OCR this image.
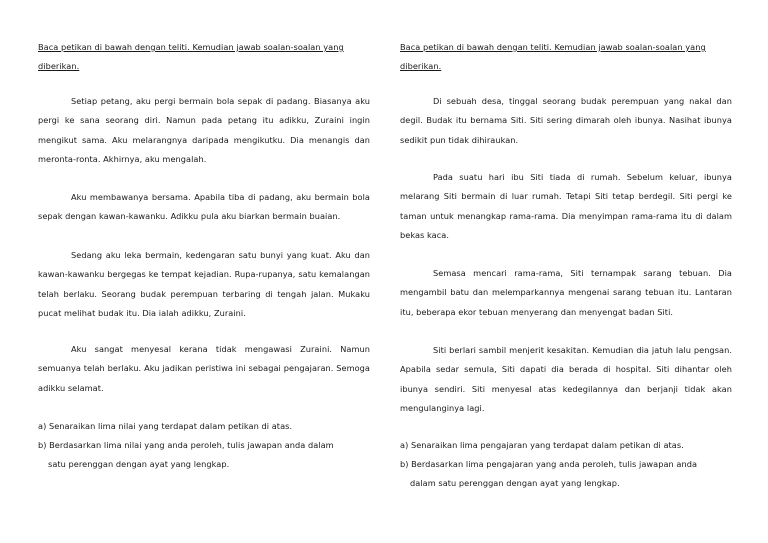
Baca petikan di bawah dengan teliti. Kemudian jawab soalan-soalan yang
diberikan.
Setiap petang, aku pergi bermain bola sepak di padang. Biasanya aku pergi ke sana seorang diri. Namun pada petang itu adikku, Zuraini ingin mengikut sama. Aku melarangnya daripada mengikutku. Dia menangis dan meronta-ronta. Akhirnya, aku mengalah.
Aku membawanya bersama. Apabila tiba di padang, aku bermain bola sepak dengan kawan-kawanku. Adikku pula aku biarkan bermain buaian.
Sedang aku leka bermain, kedengaran satu bunyi yang kuat. Aku dan kawan-kawanku bergegas ke tempat kejadian. Rupa-rupanya, satu kemalangan telah berlaku. Seorang budak perempuan terbaring di tengah jalan. Mukaku pucat melihat budak itu. Dia ialah adikku, Zuraini.
Aku sangat menyesal kerana tidak mengawasi Zuraini. Namun semuanya telah berlaku. Aku jadikan peristiwa ini sebagai pengajaran. Semoga adikku selamat.
a) Senaraikan lima nilai yang terdapat dalam petikan di atas.
b) Berdasarkan lima nilai yang anda peroleh, tulis jawapan anda dalam
satu perenggan dengan ayat yang lengkap.
Baca petikan di bawah dengan teliti. Kemudian jawab soalan-soalan yang
diberikan.
Di sebuah desa, tinggal seorang budak perempuan yang nakal dan degil. Budak itu bernama Siti. Siti sering dimarah oleh ibunya. Nasihat ibunya sedikit pun tidak dihiraukan.
Pada suatu hari ibu Siti tiada di rumah. Sebelum keluar, ibunya melarang Siti bermain di luar rumah. Tetapi Siti tetap berdegil. Siti pergi ke taman untuk menangkap rama-rama. Dia menyimpan rama-rama itu di dalam bekas kaca.
Semasa mencari rama-rama, Siti ternampak sarang tebuan. Dia mengambil batu dan melemparkannya mengenai sarang tebuan itu. Lantaran itu, beberapa ekor tebuan menyerang dan menyengat badan Siti.
Siti berlari sambil menjerit kesakitan. Kemudian dia jatuh lalu pengsan. Apabila sedar semula, Siti dapati dia berada di hospital. Siti dihantar oleh ibunya sendiri. Siti menyesal atas kedegilannya dan berjanji tidak akan mengulanginya lagi.
a) Senaraikan lima pengajaran yang terdapat dalam petikan di atas.
b) Berdasarkan lima pengajaran yang anda peroleh, tulis jawapan anda
dalam satu perenggan dengan ayat yang lengkap.
